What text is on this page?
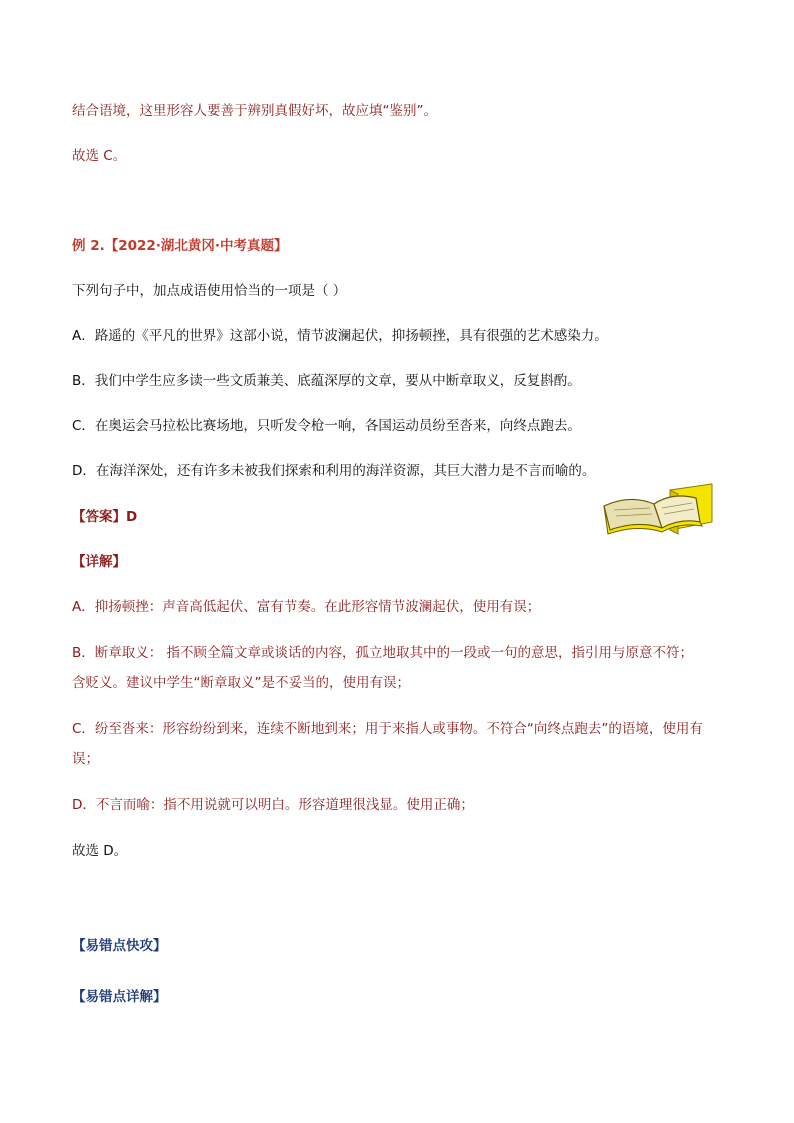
结合语境，这里形容人要善于辨别真假好坏，故应填“鉴别”。
故选 C。
例 2.【2022·湖北黄冈·中考真题】
下列句子中，加点成语使用恰当的一项是（ ）
A．路遥的《平凡的世界》这部小说，情节波澜起伏，抑扬顿挫，具有很强的艺术感染力。
B．我们中学生应多读一些文质兼美、底蕴深厚的文章，要从中断章取义，反复斟酌。
C．在奥运会马拉松比赛场地，只听发令枪一响，各国运动员纷至沓来，向终点跑去。
D．在海洋深处，还有许多未被我们探索和利用的海洋资源，其巨大潜力是不言而喻的。
【答案】D
【详解】
A．抑扬顿挫：声音高低起伏、富有节奏。在此形容情节波澜起伏，使用有误；
B．断章取义： 指不顾全篇文章或谈话的内容，孤立地取其中的一段或一句的意思，指引用与原意不符；
含贬义。建议中学生“断章取义”是不妥当的，使用有误；
C．纷至沓来：形容纷纷到来，连续不断地到来；用于来指人或事物。不符合“向终点跑去”的语境，使用有
误；
D．不言而喻：指不用说就可以明白。形容道理很浅显。使用正确；
故选 D。
【易错点快攻】
【易错点详解】
